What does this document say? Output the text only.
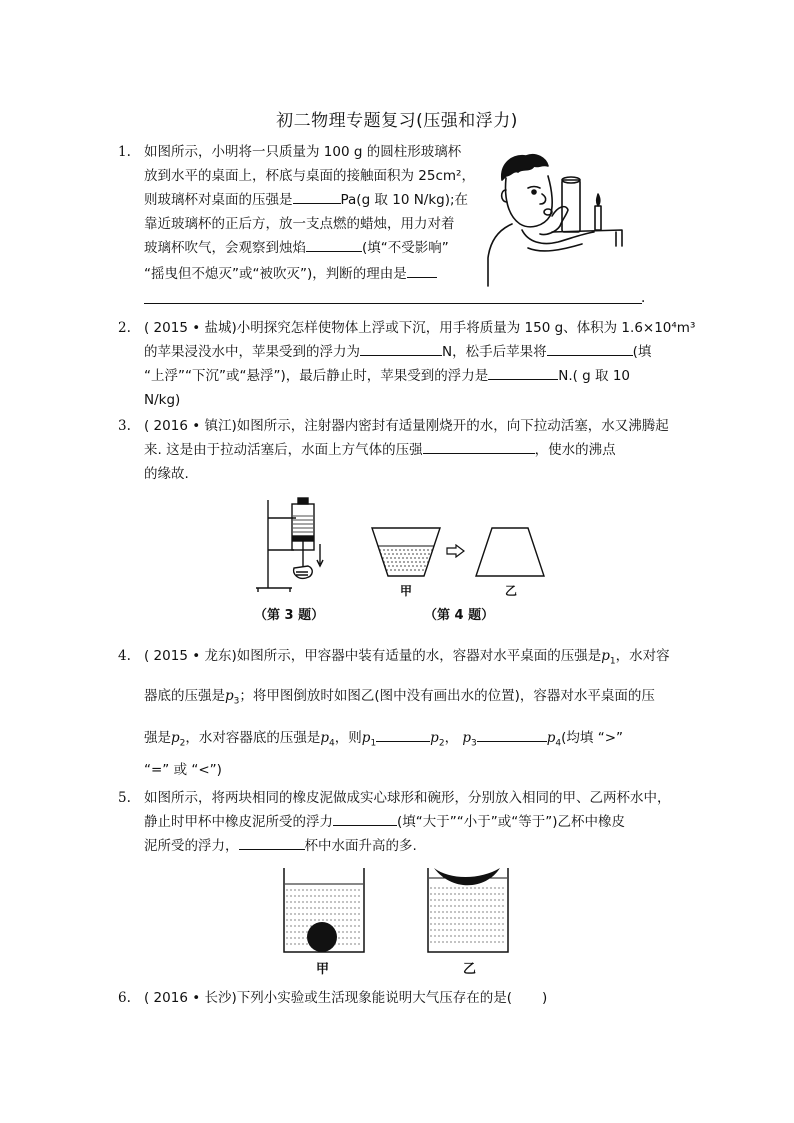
初二物理专题复习(压强和浮力)
1. 如图所示，小明将一只质量为 100 g 的圆柱形玻璃杯
放到水平的桌面上，杯底与桌面的接触面积为 25cm²，
则玻璃杯对桌面的压强是	Pa(g 取 10 N/kg);在
靠近玻璃杯的正后方，放一支点燃的蜡烛，用力对着
玻璃杯吹气，会观察到烛焰	(填“不受影响”
“摇曳但不熄灭”或“被吹灭”)，判断的理由是
.
2. ( 2015 • 盐城)小明探究怎样使物体上浮或下沉，用手将质量为 150 g、体积为 1.6×10⁴m³
的苹果浸没水中，苹果受到的浮力为	N，松手后苹果将	(填
“上浮”“下沉”或“悬浮”)，最后静止时，苹果受到的浮力是	N.( g 取 10
N/kg)
3. ( 2016 • 镇江)如图所示，注射器内密封有适量刚烧开的水，向下拉动活塞，水又沸腾起
来. 这是由于拉动活塞后，水面上方气体的压强	，使水的沸点
的缘故.
甲	乙
（第 3 题）	（第 4 题）
4. ( 2015 • 龙东)如图所示，甲容器中装有适量的水，容器对水平桌面的压强是$p_1$，水对容
器底的压强是$p_3$；将甲图倒放时如图乙(图中没有画出水的位置)，容器对水平桌面的压
强是$p_2$，水对容器底的压强是$p_4$，则$p_1$	$p_2$， $p_3$	$p_4$(均填 “>”
“=” 或 “<”)
5. 如图所示，将两块相同的橡皮泥做成实心球形和碗形，分别放入相同的甲、乙两杯水中，
静止时甲杯中橡皮泥所受的浮力	(填“大于”“小于”或“等于”)乙杯中橡皮
泥所受的浮力，	杯中水面升高的多.
甲	乙
6. ( 2016 • 长沙)下列小实验或生活现象能说明大气压存在的是(       )
